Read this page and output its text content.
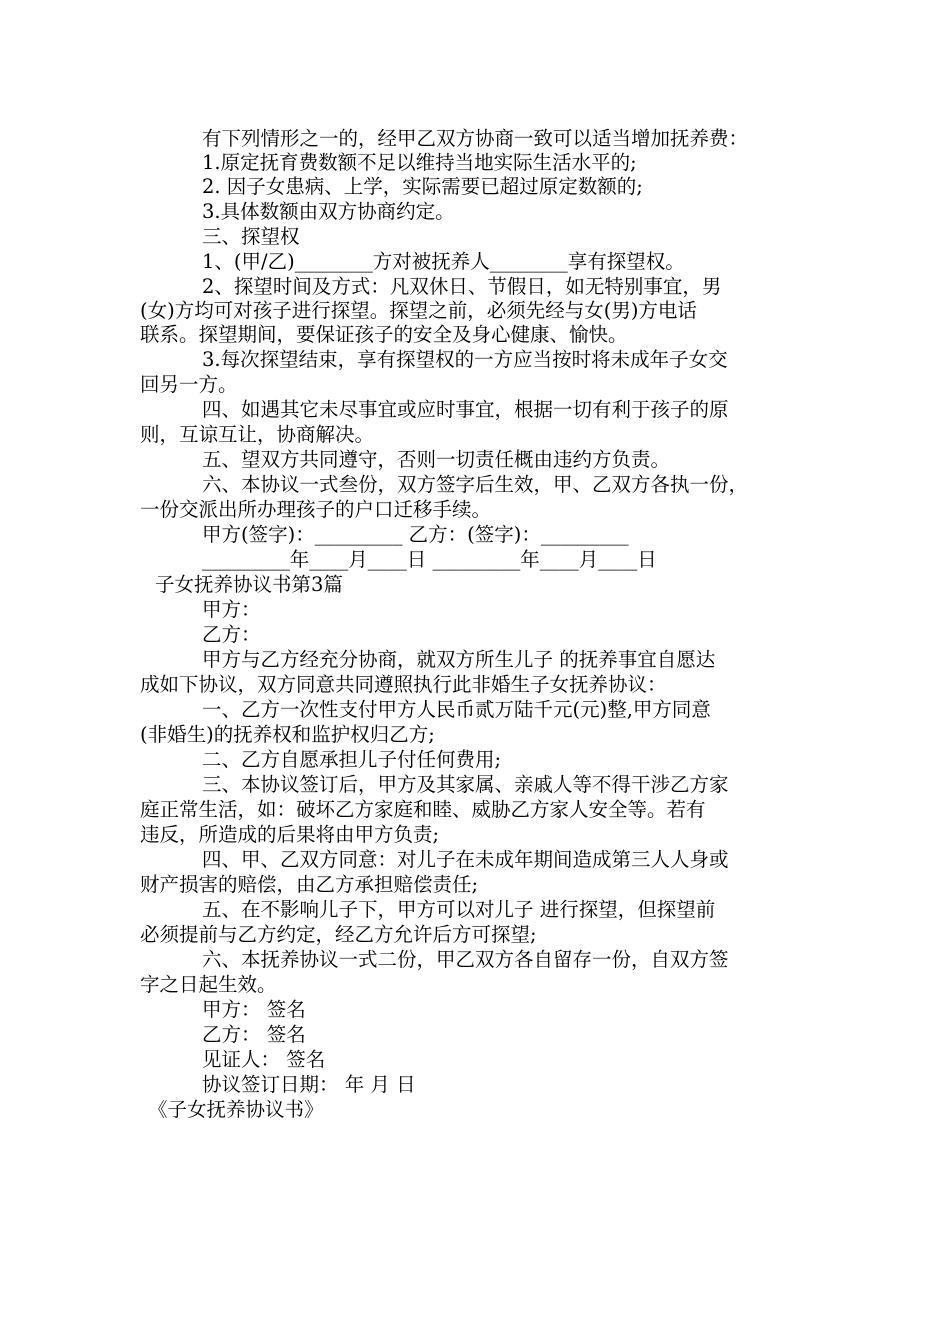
有下列情形之一的，经甲乙双方协商一致可以适当增加抚养费：
1.原定抚育费数额不足以维持当地实际生活水平的;
2. 因子女患病、上学，实际需要已超过原定数额的;
3.具体数额由双方协商约定。
三、探望权
1、(甲/乙)________方对被抚养人________享有探望权。
2、探望时间及方式：凡双休日、节假日，如无特别事宜，男
(女)方均可对孩子进行探望。探望之前，必须先经与女(男)方电话
联系。探望期间，要保证孩子的安全及身心健康、愉快。
3.每次探望结束，享有探望权的一方应当按时将未成年子女交
回另一方。
四、如遇其它未尽事宜或应时事宜，根据一切有利于孩子的原
则，互谅互让，协商解决。
五、望双方共同遵守，否则一切责任概由违约方负责。
六、本协议一式叁份，双方签字后生效，甲、乙双方各执一份，
一份交派出所办理孩子的户口迁移手续。
甲方(签字)：_________ 乙方：(签字)：_________
_________年____月____日 _________年____月____日
子女抚养协议书第3篇
甲方：
乙方：
甲方与乙方经充分协商，就双方所生儿子 的抚养事宜自愿达
成如下协议，双方同意共同遵照执行此非婚生子女抚养协议：
一、乙方一次性支付甲方人民币贰万陆千元(元)整,甲方同意
(非婚生)的抚养权和监护权归乙方;
二、乙方自愿承担儿子付任何费用;
三、本协议签订后，甲方及其家属、亲戚人等不得干涉乙方家
庭正常生活，如：破坏乙方家庭和睦、威胁乙方家人安全等。若有
违反，所造成的后果将由甲方负责;
四、甲、乙双方同意：对儿子在未成年期间造成第三人人身或
财产损害的赔偿，由乙方承担赔偿责任;
五、在不影响儿子下，甲方可以对儿子 进行探望，但探望前
必须提前与乙方约定，经乙方允许后方可探望;
六、本抚养协议一式二份，甲乙双方各自留存一份，自双方签
字之日起生效。
甲方： 签名
乙方： 签名
见证人： 签名
协议签订日期： 年 月 日
《子女抚养协议书》
